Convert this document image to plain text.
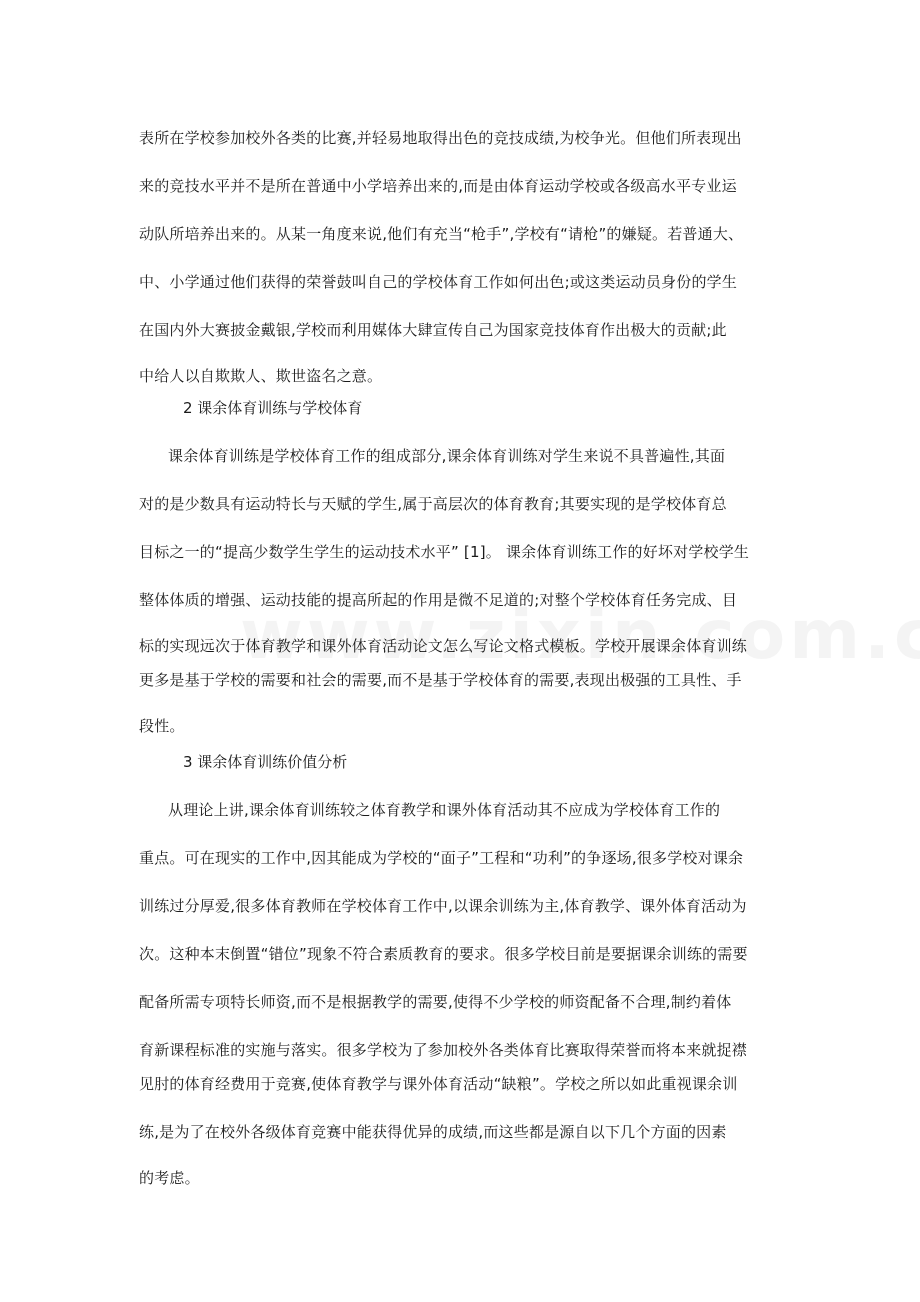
表所在学校参加校外各类的比赛,并轻易地取得出色的竞技成绩,为校争光。但他们所表现出
来的竞技水平并不是所在普通中小学培养出来的,而是由体育运动学校或各级高水平专业运
动队所培养出来的。从某一角度来说,他们有充当“枪手”,学校有“请枪”的嫌疑。若普通大、
中、小学通过他们获得的荣誉鼓叫自己的学校体育工作如何出色;或这类运动员身份的学生
在国内外大赛披金戴银,学校而利用媒体大肆宣传自己为国家竞技体育作出极大的贡献;此
中给人以自欺欺人、欺世盗名之意。
2 课余体育训练与学校体育
课余体育训练是学校体育工作的组成部分,课余体育训练对学生来说不具普遍性,其面
对的是少数具有运动特长与天赋的学生,属于高层次的体育教育;其要实现的是学校体育总
目标之一的“提高少数学生学生的运动技术水平” [1]。 课余体育训练工作的好坏对学校学生
整体体质的增强、运动技能的提高所起的作用是微不足道的;对整个学校体育任务完成、目
标的实现远次于体育教学和课外体育活动论文怎么写论文格式模板。学校开展课余体育训练
更多是基于学校的需要和社会的需要,而不是基于学校体育的需要,表现出极强的工具性、手
段性。
3 课余体育训练价值分析
从理论上讲,课余体育训练较之体育教学和课外体育活动其不应成为学校体育工作的
重点。可在现实的工作中,因其能成为学校的“面子”工程和“功利”的争逐场,很多学校对课余
训练过分厚爱,很多体育教师在学校体育工作中,以课余训练为主,体育教学、课外体育活动为
次。这种本末倒置“错位”现象不符合素质教育的要求。很多学校目前是要据课余训练的需要
配备所需专项特长师资,而不是根据教学的需要,使得不少学校的师资配备不合理,制约着体
育新课程标准的实施与落实。很多学校为了参加校外各类体育比赛取得荣誉而将本来就捉襟
见肘的体育经费用于竞赛,使体育教学与课外体育活动“缺粮”。学校之所以如此重视课余训
练,是为了在校外各级体育竞赛中能获得优异的成绩,而这些都是源自以下几个方面的因素
的考虑。
